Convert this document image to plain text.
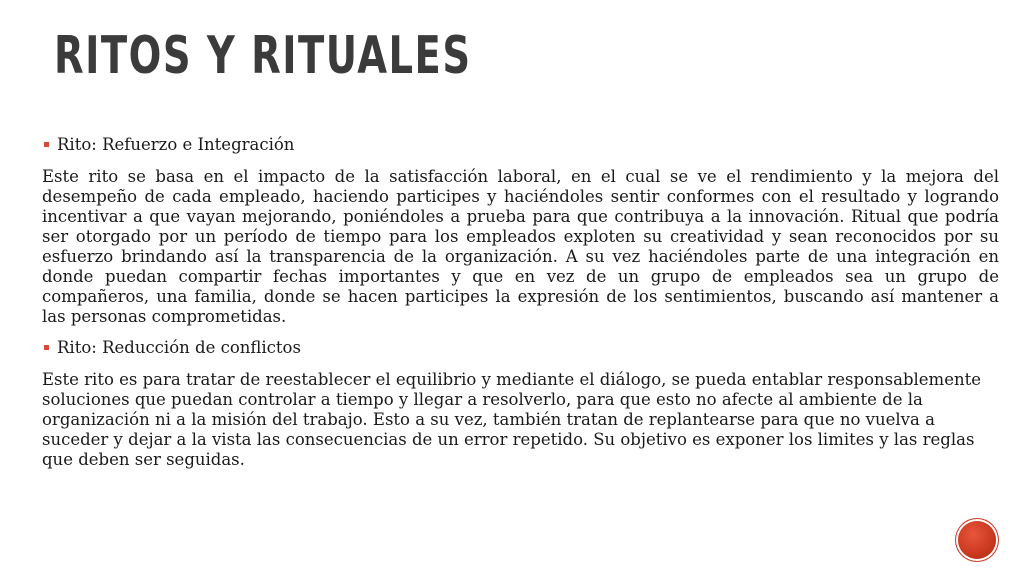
RITOS Y RITUALES
Rito: Refuerzo e Integración

Este rito se basa en el impacto de la satisfacción laboral, en el cual se ve el rendimiento y la mejora del desempeño de cada empleado, haciendo participes y haciéndoles sentir conformes con el resultado y logrando incentivar a que vayan mejorando, poniéndoles a prueba para que contribuya a la innovación. Ritual que podría ser otorgado por un período de tiempo para los empleados exploten su creatividad y sean reconocidos por su esfuerzo brindando así la transparencia de la organización. A su vez haciéndoles parte de una integración en donde puedan compartir fechas importantes y que en vez de un grupo de empleados sea un grupo de compañeros, una familia, donde se hacen participes la expresión de los sentimientos, buscando así mantener a las personas comprometidas.

Rito: Reducción de conflictos

Este rito es para tratar de reestablecer el equilibrio y mediante el diálogo, se pueda entablar responsablemente soluciones que puedan controlar a tiempo y llegar a resolverlo, para que esto no afecte al ambiente de la organización ni a la misión del trabajo. Esto a su vez, también tratan de replantearse para que no vuelva a suceder y dejar a la vista las consecuencias de un error repetido. Su objetivo es exponer los limites y las reglas que deben ser seguidas.
